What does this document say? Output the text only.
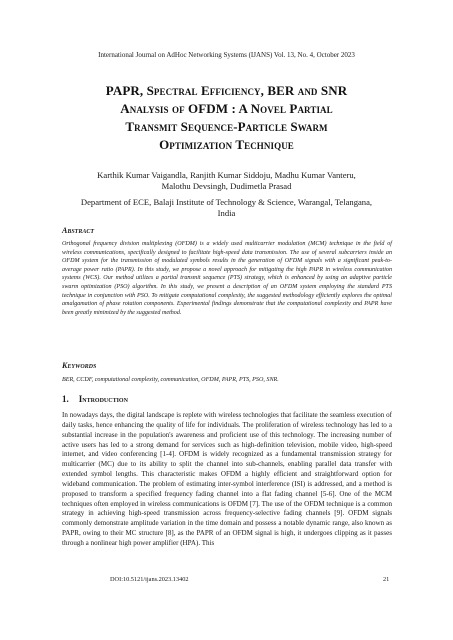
International Journal on AdHoc Networking Systems (IJANS) Vol. 13, No. 4, October 2023
PAPR, Spectral Efficiency, BER and SNR
Analysis of OFDM : A Novel Partial
Transmit Sequence-Particle Swarm
Optimization Technique
Karthik Kumar Vaigandla, Ranjith Kumar Siddoju, Madhu Kumar Vanteru,
Malothu Devsingh, Dudimetla Prasad
Department of ECE, Balaji Institute of Technology & Science, Warangal, Telangana,
India
Abstract
Orthogonal frequency division multiplexing (OFDM) is a widely used multicarrier modulation (MCM) technique in the field of wireless communications, specifically designed to facilitate high-speed data transmission. The use of several subcarriers inside an OFDM system for the transmission of modulated symbols results in the generation of OFDM signals with a significant peak-to-average power ratio (PAPR). In this study, we propose a novel approach for mitigating the high PAPR in wireless communication systems (WCS). Our method utilizes a partial transmit sequence (PTS) strategy, which is enhanced by using an adaptive particle swarm optimization (PSO) algorithm. In this study, we present a description of an OFDM system employing the standard PTS technique in conjunction with PSO. To mitigate computational complexity, the suggested methodology efficiently explores the optimal amalgamation of phase rotation components. Experimental findings demonstrate that the computational complexity and PAPR have been greatly minimized by the suggested method.
Keywords
BER, CCDF, computational complexity, communication, OFDM, PAPR, PTS, PSO, SNR.
1. Introduction
In nowadays days, the digital landscape is replete with wireless technologies that facilitate the seamless execution of daily tasks, hence enhancing the quality of life for individuals. The proliferation of wireless technology has led to a substantial increase in the population's awareness and proficient use of this technology. The increasing number of active users has led to a strong demand for services such as high-definition television, mobile video, high-speed internet, and video conferencing [1-4]. OFDM is widely recognized as a fundamental transmission strategy for multicarrier (MC) due to its ability to split the channel into sub-channels, enabling parallel data transfer with extended symbol lengths. This characteristic makes OFDM a highly efficient and straightforward option for wideband communication. The problem of estimating inter-symbol interference (ISI) is addressed, and a method is proposed to transform a specified frequency fading channel into a flat fading channel [5-6]. One of the MCM techniques often employed in wireless communications is OFDM [7]. The use of the OFDM technique is a common strategy in achieving high-speed transmission across frequency-selective fading channels [9]. OFDM signals commonly demonstrate amplitude variation in the time domain and possess a notable dynamic range, also known as PAPR, owing to their MC structure [8], as the PAPR of an OFDM signal is high, it undergoes clipping as it passes through a nonlinear high power amplifier (HPA). This
DOI:10.5121/ijans.2023.13402	21
